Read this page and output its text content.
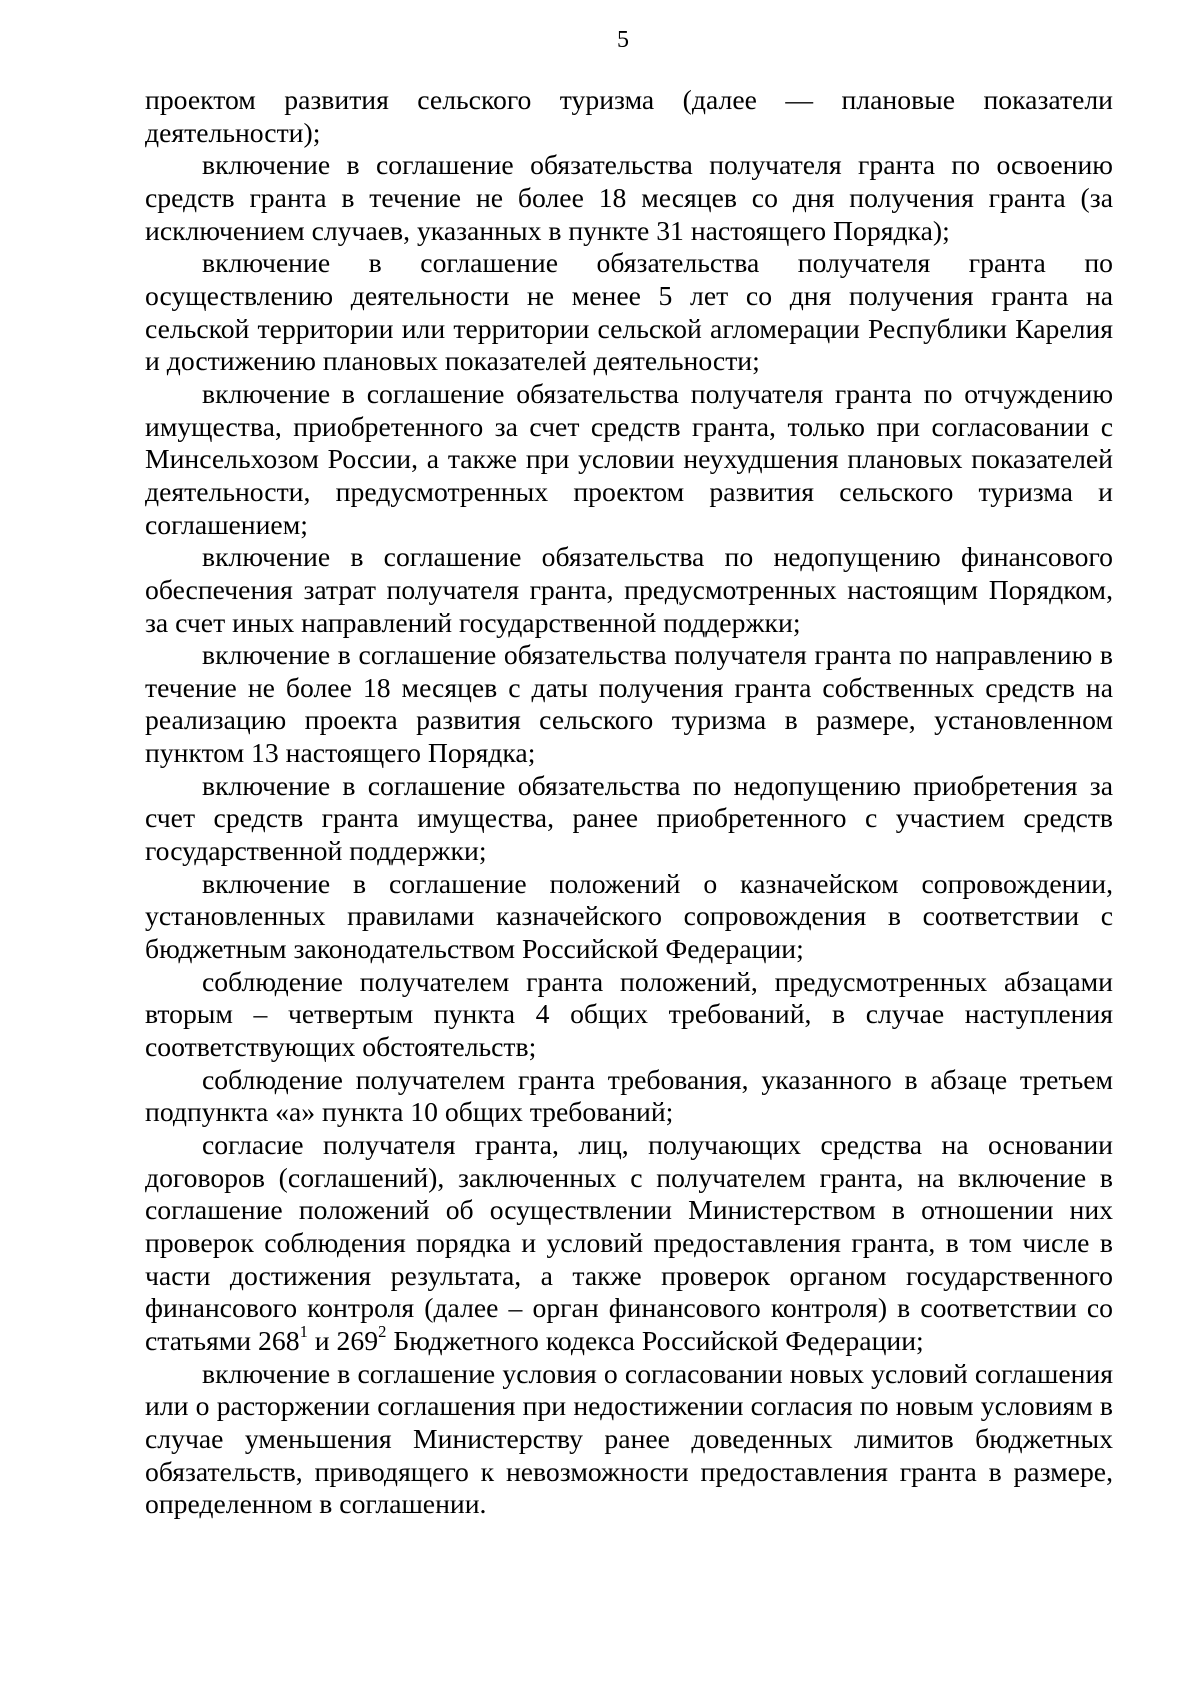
5

проектом развития сельского туризма (далее — плановые показатели деятельности);

включение в соглашение обязательства получателя гранта по освоению средств гранта в течение не более 18 месяцев со дня получения гранта (за исключением случаев, указанных в пункте 31 настоящего Порядка);

включение в соглашение обязательства получателя гранта по осуществлению деятельности не менее 5 лет со дня получения гранта на сельской территории или территории сельской агломерации Республики Карелия и достижению плановых показателей деятельности;

включение в соглашение обязательства получателя гранта по отчуждению имущества, приобретенного за счет средств гранта, только при согласовании с Минсельхозом России, а также при условии неухудшения плановых показателей деятельности, предусмотренных проектом развития сельского туризма и соглашением;

включение в соглашение обязательства по недопущению финансового обеспечения затрат получателя гранта, предусмотренных настоящим Порядком, за счет иных направлений государственной поддержки;

включение в соглашение обязательства получателя гранта по направлению в течение не более 18 месяцев с даты получения гранта собственных средств на реализацию проекта развития сельского туризма в размере, установленном пунктом 13 настоящего Порядка;

включение в соглашение обязательства по недопущению приобретения за счет средств гранта имущества, ранее приобретенного с участием средств государственной поддержки;

включение в соглашение положений о казначейском сопровождении, установленных правилами казначейского сопровождения в соответствии с бюджетным законодательством Российской Федерации;

соблюдение получателем гранта положений, предусмотренных абзацами вторым – четвертым пункта 4 общих требований, в случае наступления соответствующих обстоятельств;

соблюдение получателем гранта требования, указанного в абзаце третьем подпункта «а» пункта 10 общих требований;

согласие получателя гранта, лиц, получающих средства на основании договоров (соглашений), заключенных с получателем гранта, на включение в соглашение положений об осуществлении Министерством в отношении них проверок соблюдения порядка и условий предоставления гранта, в том числе в части достижения результата, а также проверок органом государственного финансового контроля (далее – орган финансового контроля) в соответствии со статьями $268^1$ и $269^2$ Бюджетного кодекса Российской Федерации;

включение в соглашение условия о согласовании новых условий соглашения или о расторжении соглашения при недостижении согласия по новым условиям в случае уменьшения Министерству ранее доведенных лимитов бюджетных обязательств, приводящего к невозможности предоставления гранта в размере, определенном в соглашении.
